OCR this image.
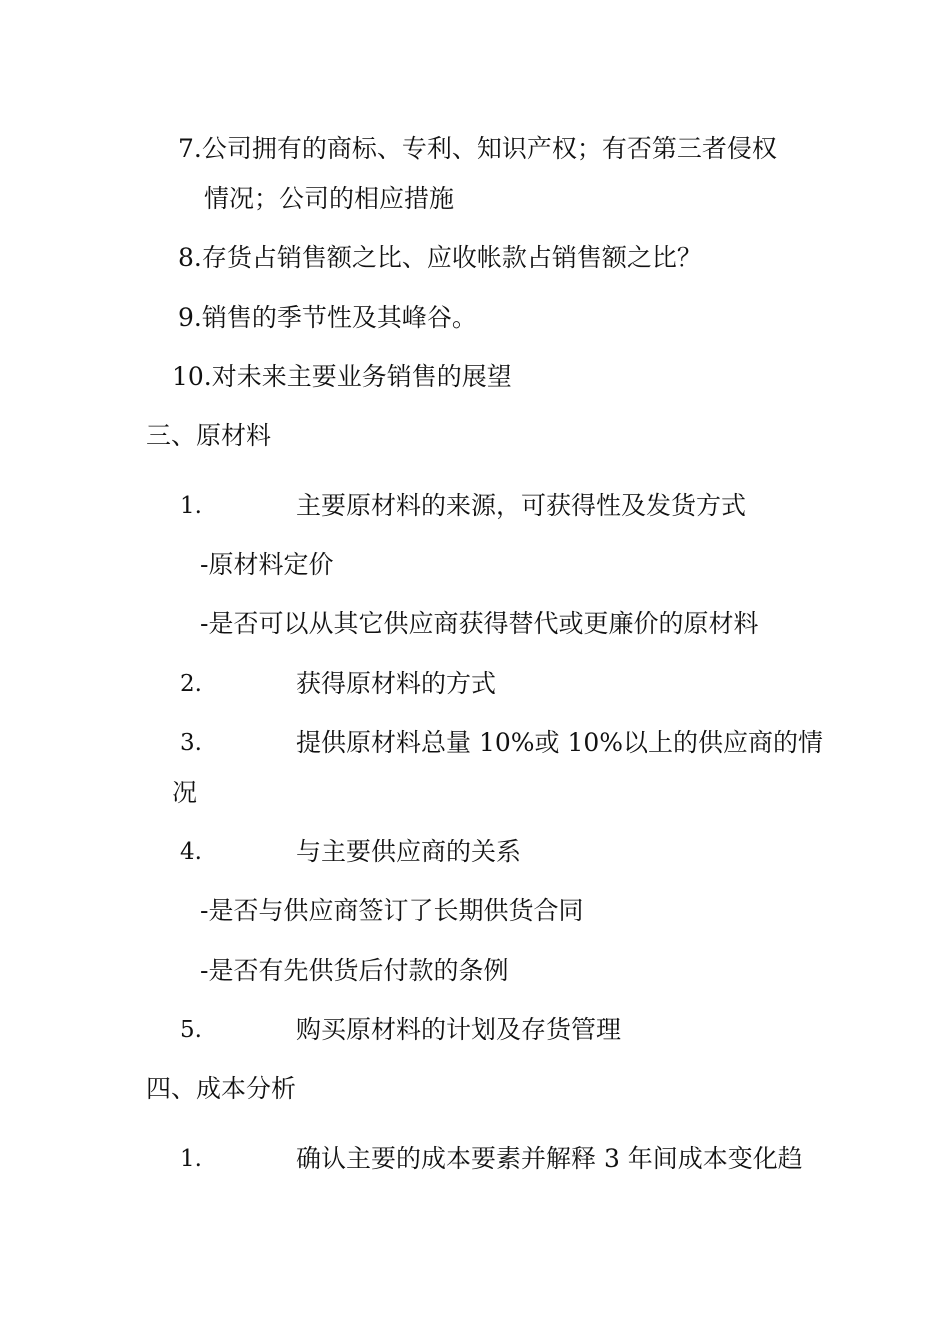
7.公司拥有的商标、专利、知识产权；有否第三者侵权
情况；公司的相应措施
8.存货占销售额之比、应收帐款占销售额之比？
9.销售的季节性及其峰谷。
10.对未来主要业务销售的展望
三、原材料
1.	主要原材料的来源，可获得性及发货方式
-原材料定价
-是否可以从其它供应商获得替代或更廉价的原材料
2.	获得原材料的方式
3.	提供原材料总量 10%或 10%以上的供应商的情
况
4.	与主要供应商的关系
-是否与供应商签订了长期供货合同
-是否有先供货后付款的条例
5.	购买原材料的计划及存货管理
四、成本分析
1.	确认主要的成本要素并解释 3 年间成本变化趋
